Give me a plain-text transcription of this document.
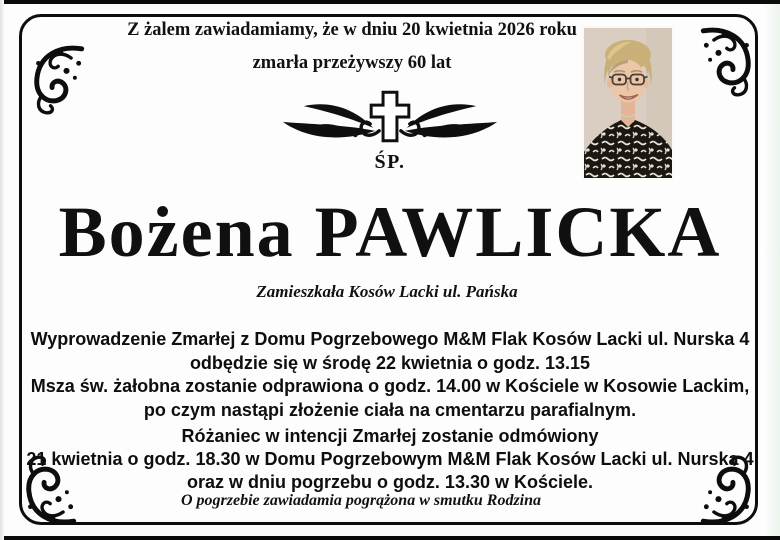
Z żalem zawiadamiamy, że w dniu 20 kwietnia 2026 roku
zmarła przeżywszy 60 lat
ŚP.
Bożena PAWLICKA
Zamieszkała Kosów Lacki ul. Pańska
Wyprowadzenie Zmarłej z Domu Pogrzebowego M&M Flak Kosów Lacki ul. Nurska 4
odbędzie się w środę 22 kwietnia o godz. 13.15
Msza św. żałobna zostanie odprawiona o godz. 14.00 w Kościele w Kosowie Lackim,
po czym nastąpi złożenie ciała na cmentarzu parafialnym.
Różaniec w intencji Zmarłej zostanie odmówiony
21 kwietnia o godz. 18.30 w Domu Pogrzebowym M&M Flak Kosów Lacki ul. Nurska 4
oraz w dniu pogrzebu o godz. 13.30 w Kościele.
O pogrzebie zawiadamia pogrążona w smutku Rodzina
